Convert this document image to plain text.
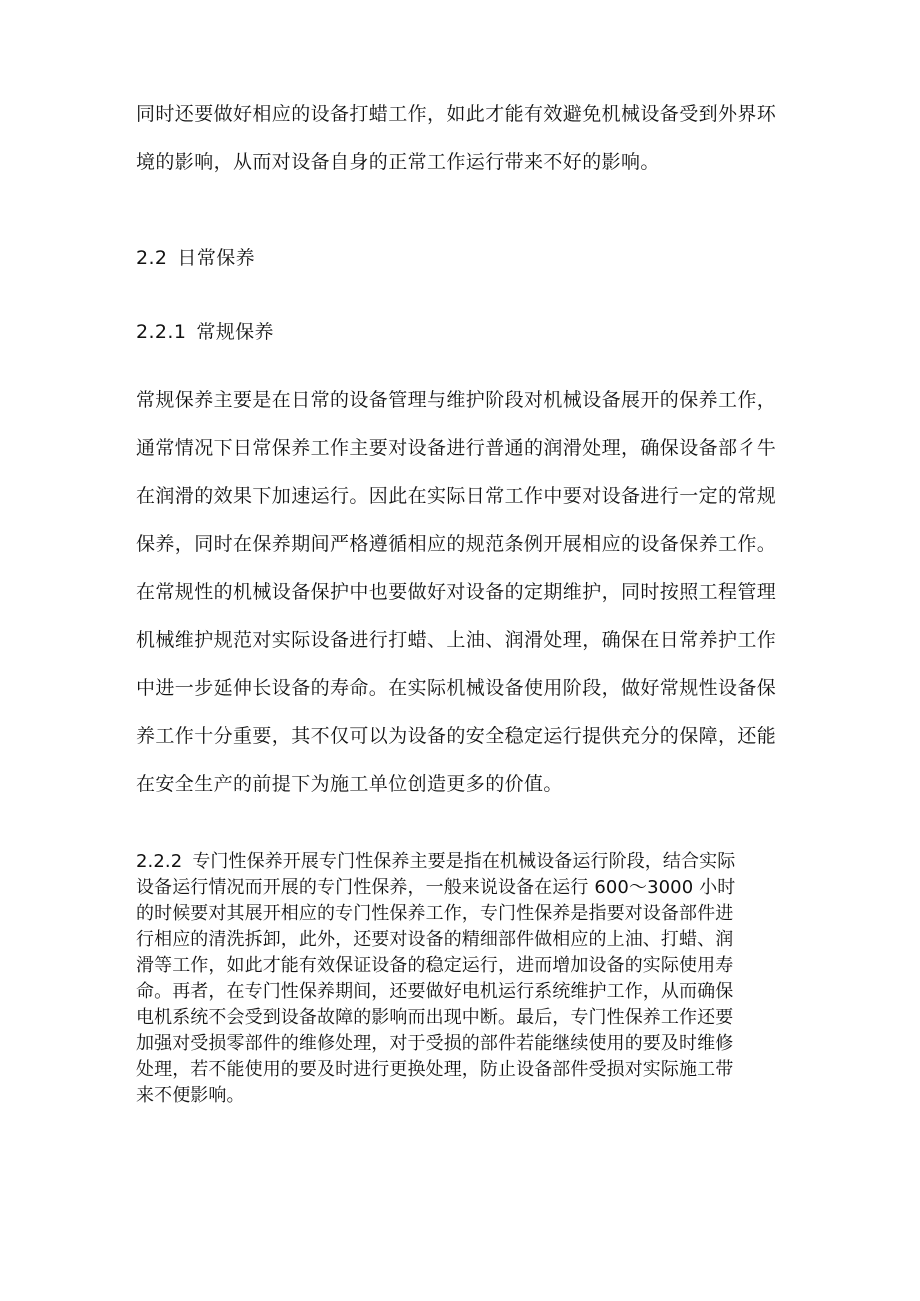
同时还要做好相应的设备打蜡工作，如此才能有效避免机械设备受到外界环

境的影响，从而对设备自身的正常工作运行带来不好的影响。

2.2 日常保养

2.2.1 常规保养

常规保养主要是在日常的设备管理与维护阶段对机械设备展开的保养工作，

通常情况下日常保养工作主要对设备进行普通的润滑处理，确保设备部彳牛

在润滑的效果下加速运行。因此在实际日常工作中要对设备进行一定的常规

保养，同时在保养期间严格遵循相应的规范条例开展相应的设备保养工作。

在常规性的机械设备保护中也要做好对设备的定期维护，同时按照工程管理

机械维护规范对实际设备进行打蜡、上油、润滑处理，确保在日常养护工作

中进一步延伸长设备的寿命。在实际机械设备使用阶段，做好常规性设备保

养工作十分重要，其不仅可以为设备的安全稳定运行提供充分的保障，还能

在安全生产的前提下为施工单位创造更多的价值。

2.2.2 专门性保养开展专门性保养主要是指在机械设备运行阶段，结合实际

设备运行情况而开展的专门性保养，一般来说设备在运行 600～3000 小时

的时候要对其展开相应的专门性保养工作，专门性保养是指要对设备部件进

行相应的清洗拆卸，此外，还要对设备的精细部件做相应的上油、打蜡、润

滑等工作，如此才能有效保证设备的稳定运行，进而增加设备的实际使用寿

命。再者，在专门性保养期间，还要做好电机运行系统维护工作，从而确保

电机系统不会受到设备故障的影响而出现中断。最后，专门性保养工作还要

加强对受损零部件的维修处理，对于受损的部件若能继续使用的要及时维修

处理，若不能使用的要及时进行更换处理，防止设备部件受损对实际施工带

来不便影响。
